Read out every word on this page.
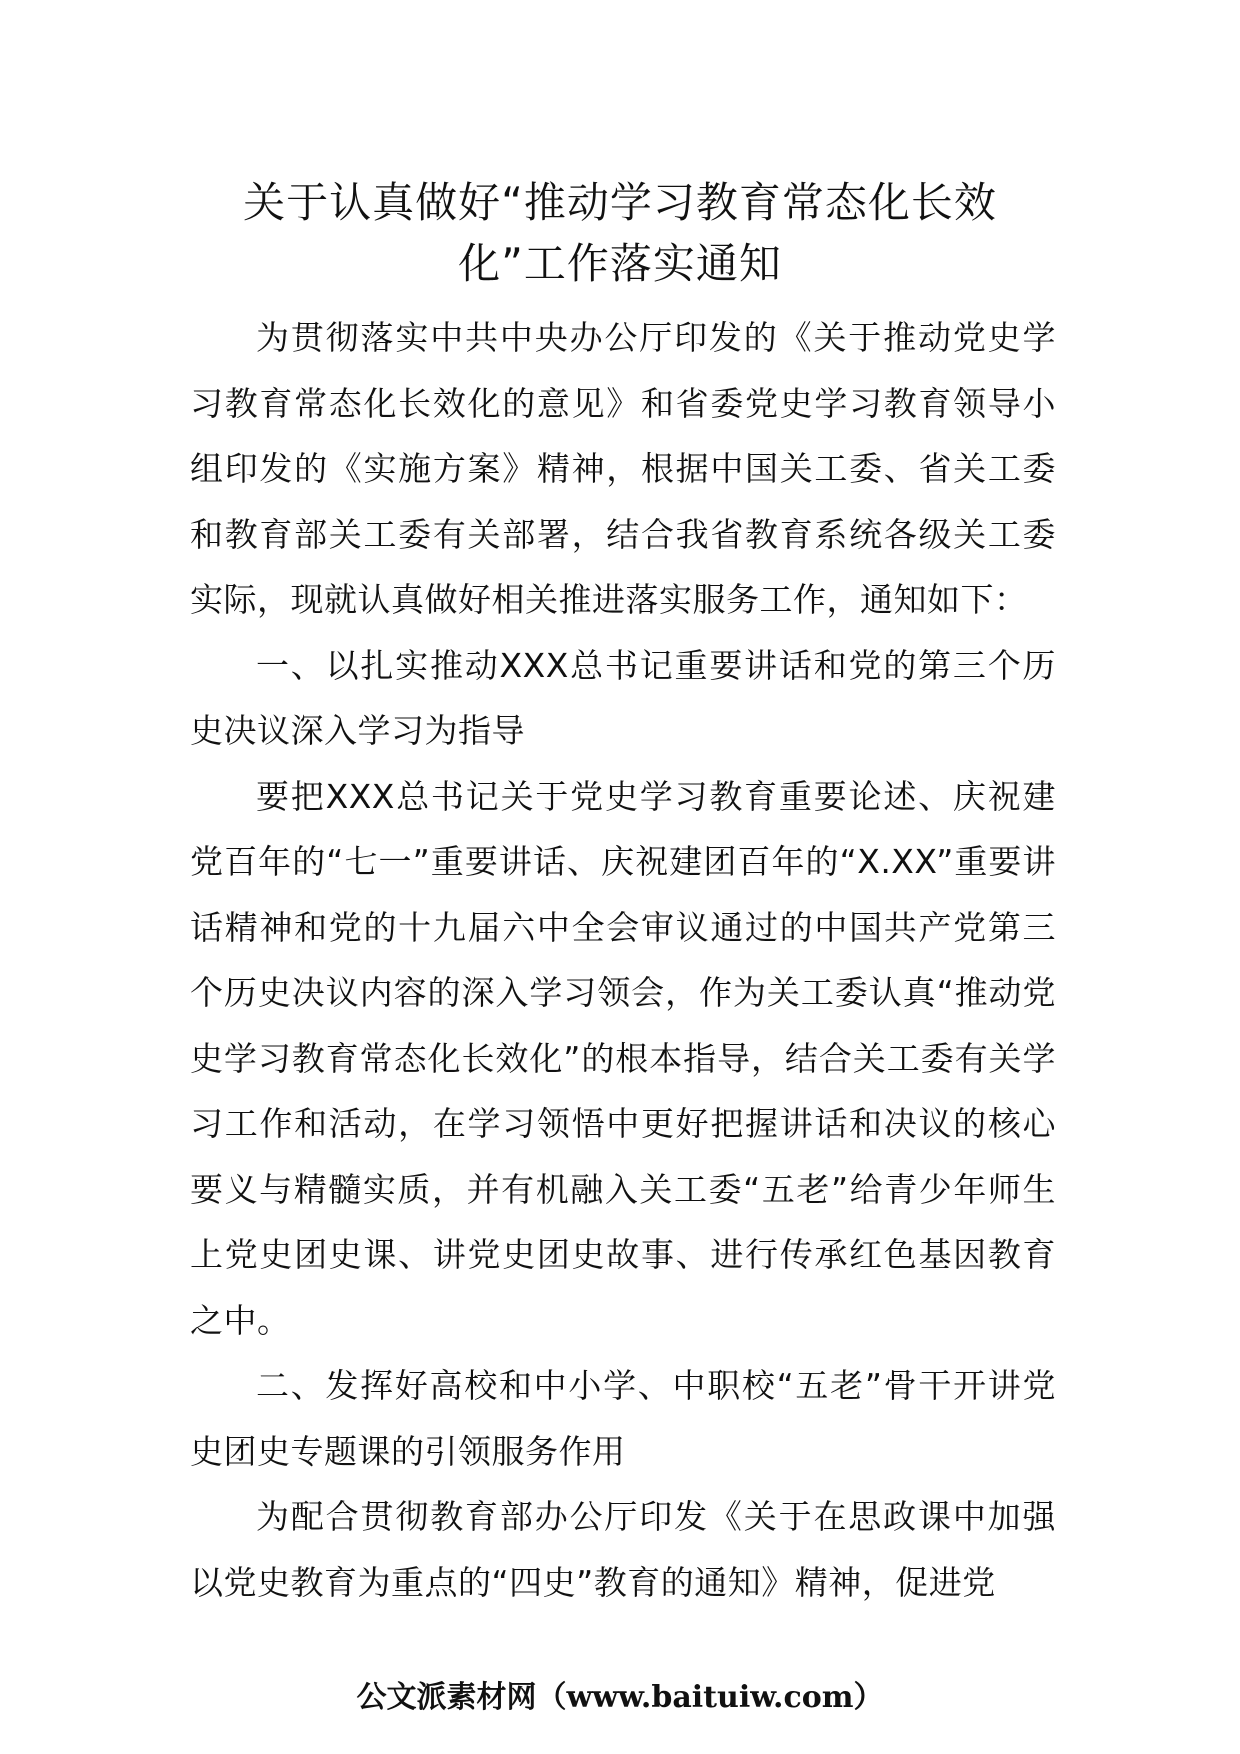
关于认真做好“推动学习教育常态化长效
化”工作落实通知

为贯彻落实中共中央办公厅印发的《关于推动党史学习教育常态化长效化的意见》和省委党史学习教育领导小组印发的《实施方案》精神，根据中国关工委、省关工委和教育部关工委有关部署，结合我省教育系统各级关工委实际，现就认真做好相关推进落实服务工作，通知如下：

一、以扎实推动XXX总书记重要讲话和党的第三个历史决议深入学习为指导

要把XXX总书记关于党史学习教育重要论述、庆祝建党百年的“七一”重要讲话、庆祝建团百年的“X.XX”重要讲话精神和党的十九届六中全会审议通过的中国共产党第三个历史决议内容的深入学习领会，作为关工委认真“推动党史学习教育常态化长效化”的根本指导，结合关工委有关学习工作和活动，在学习领悟中更好把握讲话和决议的核心要义与精髓实质，并有机融入关工委“五老”给青少年师生上党史团史课、讲党史团史故事、进行传承红色基因教育之中。

二、发挥好高校和中小学、中职校“五老”骨干开讲党史团史专题课的引领服务作用

为配合贯彻教育部办公厅印发《关于在思政课中加强以党史教育为重点的“四史”教育的通知》精神，促进党

公文派素材网（www.baituiw.com）
